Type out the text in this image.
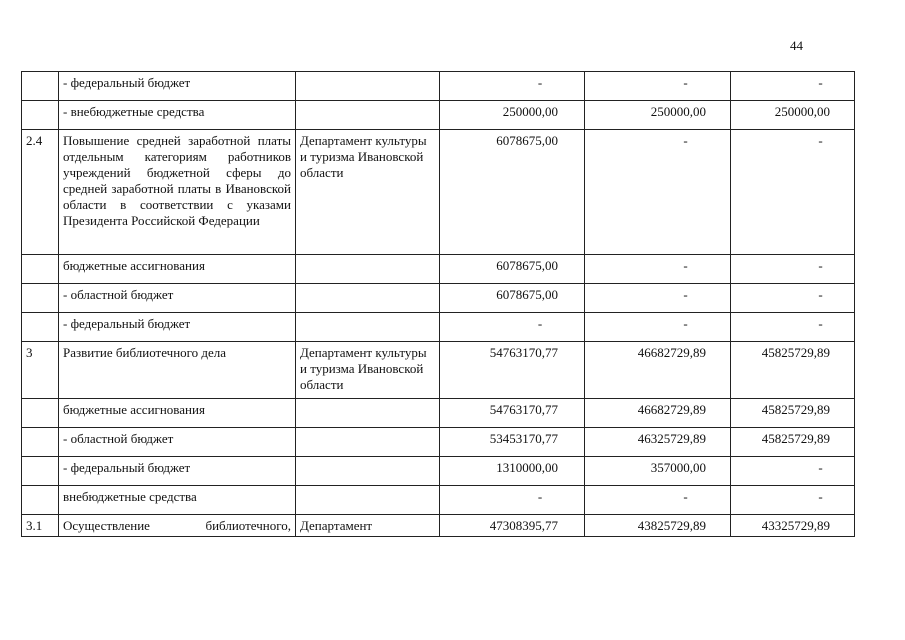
44
	- федеральный бюджет		-	-	-
	- внебюджетные средства		250000,00	250000,00	250000,00
2.4	Повышение средней заработной платы отдельным категориям работников учреждений бюджетной сферы до средней заработной платы в Ивановской области в соответствии с указами Президента Российской Федерации	Департамент культуры и туризма Ивановской области	6078675,00	-	-
	бюджетные ассигнования		6078675,00	-	-
	- областной бюджет		6078675,00	-	-
	- федеральный бюджет		-	-	-
3	Развитие библиотечного дела	Департамент культуры и туризма Ивановской области	54763170,77	46682729,89	45825729,89
	бюджетные ассигнования		54763170,77	46682729,89	45825729,89
	- областной бюджет		53453170,77	46325729,89	45825729,89
	- федеральный бюджет		1310000,00	357000,00	-
	внебюджетные средства		-	-	-
3.1	Осуществление библиотечного,	Департамент	47308395,77	43825729,89	43325729,89
